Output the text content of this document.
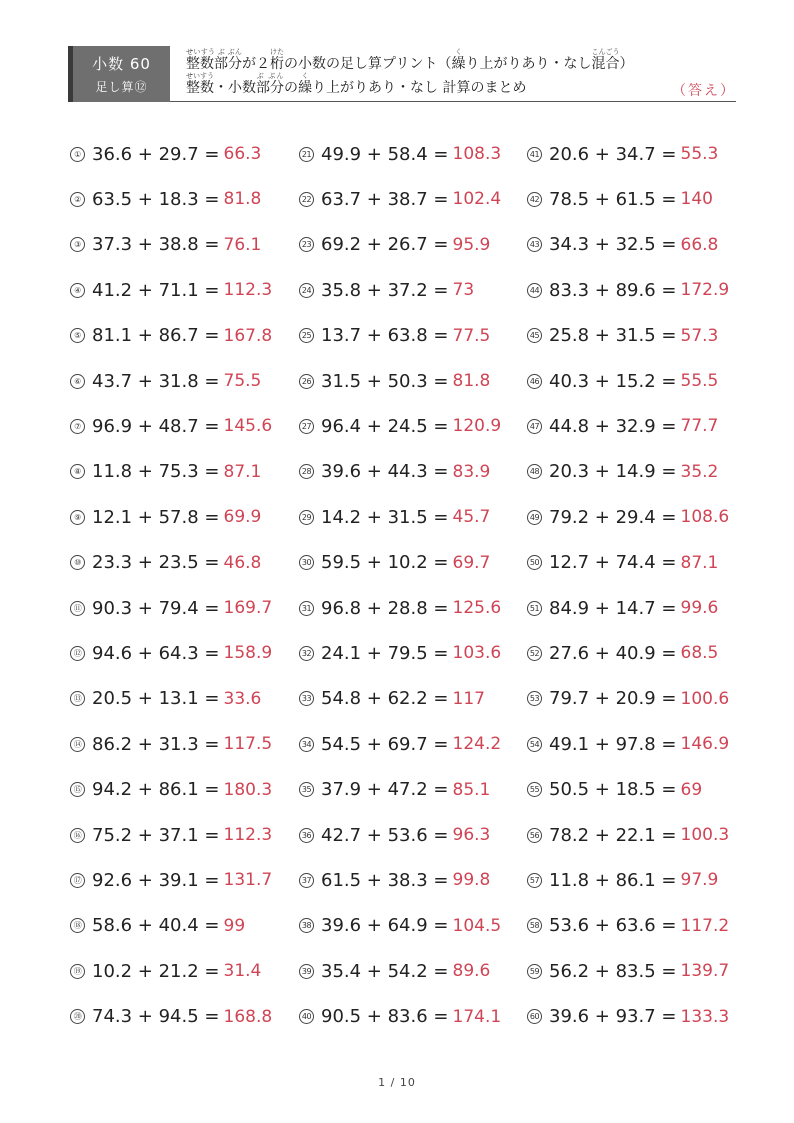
小数 60
足し算⑫
整数部分せいすう ぶ ぶんが２桁けたの小数の足し算プリント（繰くり上がりあり・なし混合こんごう）
整数せいすう・小数部分ぶ ぶんの繰くり上がりあり・なし 計算のまとめ	（答え）
① 36.6 + 29.7 = 66.3
② 63.5 + 18.3 = 81.8
③ 37.3 + 38.8 = 76.1
④ 41.2 + 71.1 = 112.3
⑤ 81.1 + 86.7 = 167.8
⑥ 43.7 + 31.8 = 75.5
⑦ 96.9 + 48.7 = 145.6
⑧ 11.8 + 75.3 = 87.1
⑨ 12.1 + 57.8 = 69.9
⑩ 23.3 + 23.5 = 46.8
⑪ 90.3 + 79.4 = 169.7
⑫ 94.6 + 64.3 = 158.9
⑬ 20.5 + 13.1 = 33.6
⑭ 86.2 + 31.3 = 117.5
⑮ 94.2 + 86.1 = 180.3
⑯ 75.2 + 37.1 = 112.3
⑰ 92.6 + 39.1 = 131.7
⑱ 58.6 + 40.4 = 99
⑲ 10.2 + 21.2 = 31.4
⑳ 74.3 + 94.5 = 168.8
21 49.9 + 58.4 = 108.3
22 63.7 + 38.7 = 102.4
23 69.2 + 26.7 = 95.9
24 35.8 + 37.2 = 73
25 13.7 + 63.8 = 77.5
26 31.5 + 50.3 = 81.8
27 96.4 + 24.5 = 120.9
28 39.6 + 44.3 = 83.9
29 14.2 + 31.5 = 45.7
30 59.5 + 10.2 = 69.7
31 96.8 + 28.8 = 125.6
32 24.1 + 79.5 = 103.6
33 54.8 + 62.2 = 117
34 54.5 + 69.7 = 124.2
35 37.9 + 47.2 = 85.1
36 42.7 + 53.6 = 96.3
37 61.5 + 38.3 = 99.8
38 39.6 + 64.9 = 104.5
39 35.4 + 54.2 = 89.6
40 90.5 + 83.6 = 174.1
41 20.6 + 34.7 = 55.3
42 78.5 + 61.5 = 140
43 34.3 + 32.5 = 66.8
44 83.3 + 89.6 = 172.9
45 25.8 + 31.5 = 57.3
46 40.3 + 15.2 = 55.5
47 44.8 + 32.9 = 77.7
48 20.3 + 14.9 = 35.2
49 79.2 + 29.4 = 108.6
50 12.7 + 74.4 = 87.1
51 84.9 + 14.7 = 99.6
52 27.6 + 40.9 = 68.5
53 79.7 + 20.9 = 100.6
54 49.1 + 97.8 = 146.9
55 50.5 + 18.5 = 69
56 78.2 + 22.1 = 100.3
57 11.8 + 86.1 = 97.9
58 53.6 + 63.6 = 117.2
59 56.2 + 83.5 = 139.7
60 39.6 + 93.7 = 133.3
1 / 10
